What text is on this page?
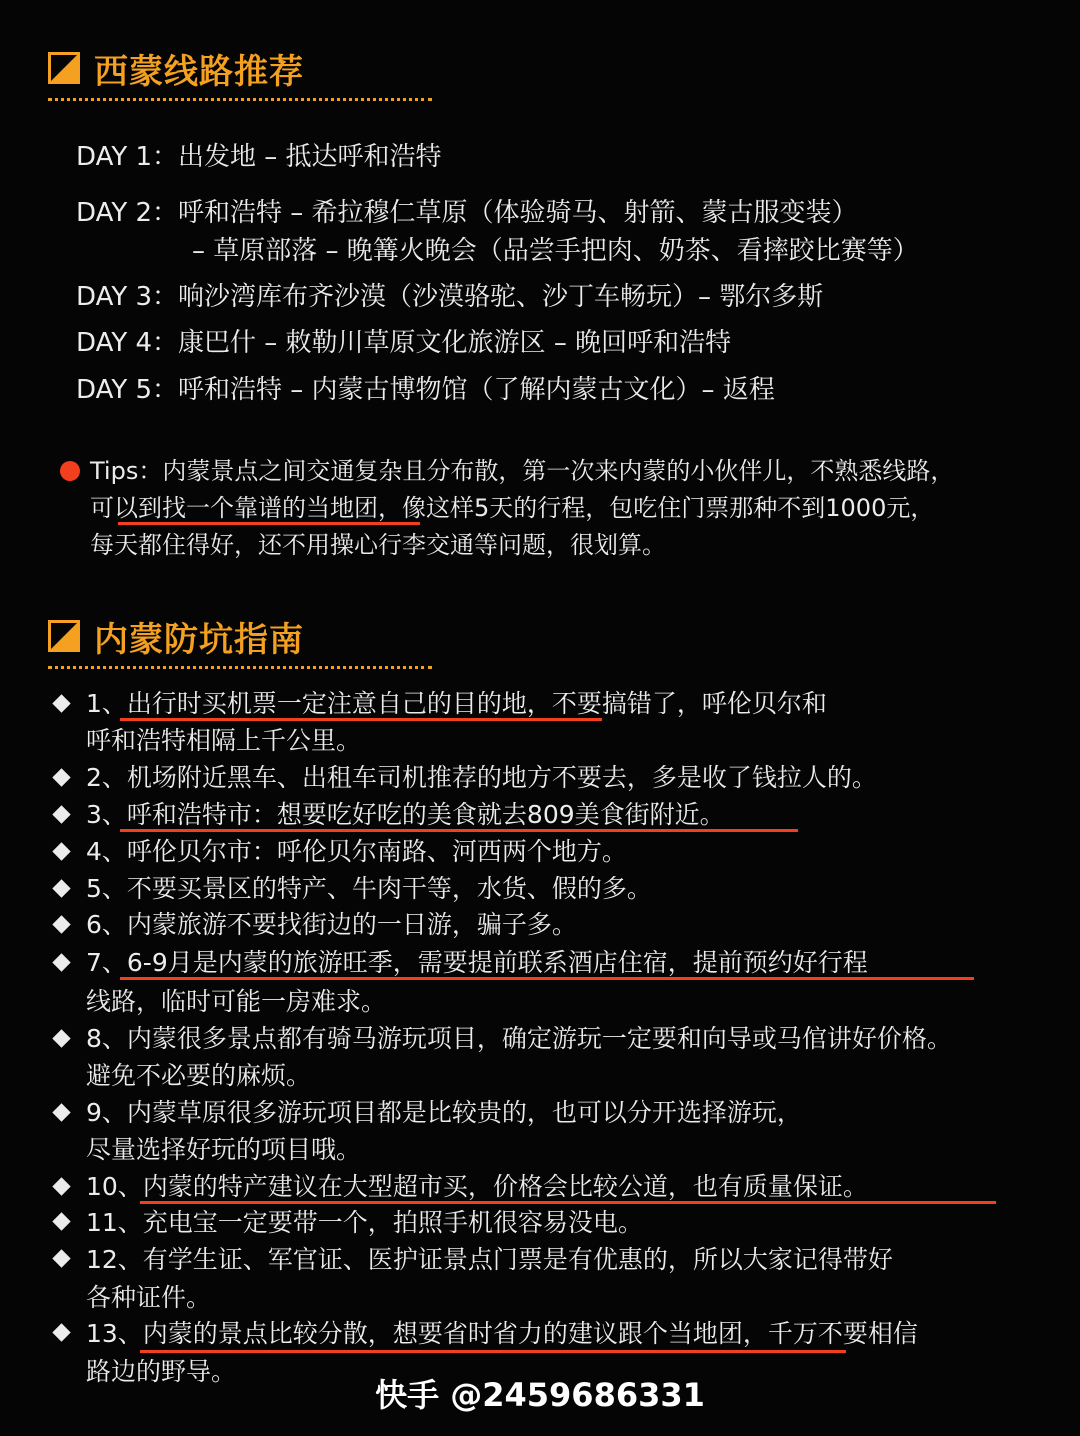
西蒙线路推荐
DAY 1：出发地 – 抵达呼和浩特
DAY 2：呼和浩特 – 希拉穆仁草原（体验骑马、射箭、蒙古服变装）
– 草原部落 – 晚篝火晚会（品尝手把肉、奶茶、看摔跤比赛等）
DAY 3：响沙湾库布齐沙漠（沙漠骆驼、沙丁车畅玩）– 鄂尔多斯
DAY 4：康巴什 – 敕勒川草原文化旅游区 – 晚回呼和浩特
DAY 5：呼和浩特 – 内蒙古博物馆（了解内蒙古文化）– 返程
Tips：内蒙景点之间交通复杂且分布散，第一次来内蒙的小伙伴儿，不熟悉线路，
可以到找一个靠谱的当地团，像这样5天的行程，包吃住门票那种不到1000元，
每天都住得好，还不用操心行李交通等问题，很划算。
内蒙防坑指南
1、出行时买机票一定注意自己的目的地，不要搞错了，呼伦贝尔和
呼和浩特相隔上千公里。
2、机场附近黑车、出租车司机推荐的地方不要去，多是收了钱拉人的。
3、呼和浩特市：想要吃好吃的美食就去809美食街附近。
4、呼伦贝尔市：呼伦贝尔南路、河西两个地方。
5、不要买景区的特产、牛肉干等，水货、假的多。
6、内蒙旅游不要找街边的一日游，骗子多。
7、6-9月是内蒙的旅游旺季，需要提前联系酒店住宿，提前预约好行程
线路，临时可能一房难求。
8、内蒙很多景点都有骑马游玩项目，确定游玩一定要和向导或马倌讲好价格。
避免不必要的麻烦。
9、内蒙草原很多游玩项目都是比较贵的，也可以分开选择游玩，
尽量选择好玩的项目哦。
10、内蒙的特产建议在大型超市买，价格会比较公道，也有质量保证。
11、充电宝一定要带一个，拍照手机很容易没电。
12、有学生证、军官证、医护证景点门票是有优惠的，所以大家记得带好
各种证件。
13、内蒙的景点比较分散，想要省时省力的建议跟个当地团，千万不要相信
路边的野导。
快手 @2459686331
